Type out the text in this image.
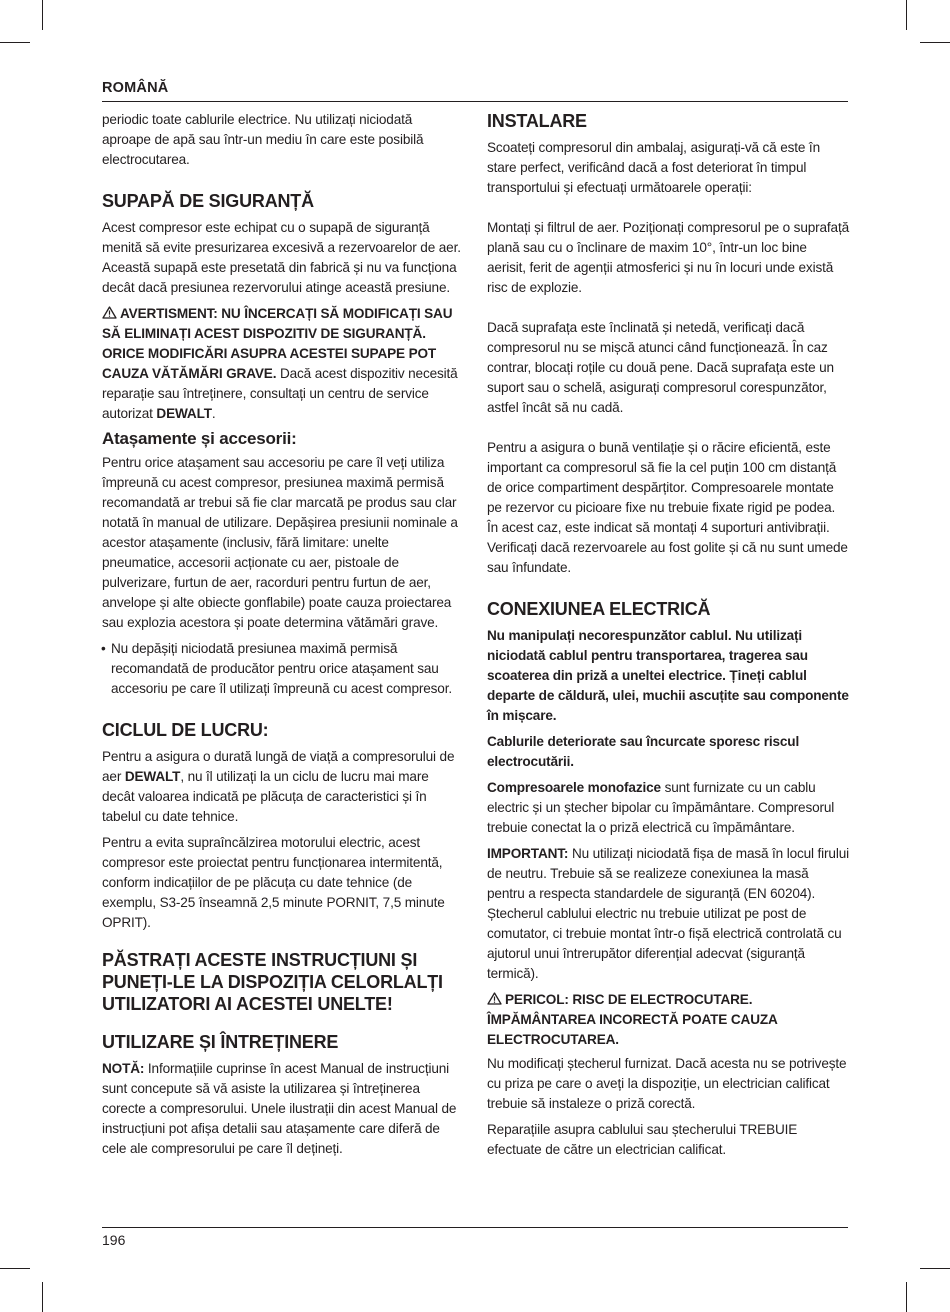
ROMÂNĂ

periodic toate cablurile electrice. Nu utilizați niciodată aproape de apă sau într-un mediu în care este posibilă electrocutarea.

SUPAPĂ DE SIGURANȚĂ

Acest compresor este echipat cu o supapă de siguranță menită să evite presurizarea excesivă a rezervoarelor de aer. Această supapă este presetată din fabrică și nu va funcționa decât dacă presiunea rezervorului atinge această presiune.

AVERTISMENT: NU ÎNCERCAȚI SĂ MODIFICAȚI SAU SĂ ELIMINAȚI ACEST DISPOZITIV DE SIGURANȚĂ. ORICE MODIFICĂRI ASUPRA ACESTEI SUPAPE POT CAUZA VĂTĂMĂRI GRAVE. Dacă acest dispozitiv necesită reparație sau întreținere, consultați un centru de service autorizat DEWALT.

Atașamente și accesorii:

Pentru orice atașament sau accesoriu pe care îl veți utiliza împreună cu acest compresor, presiunea maximă permisă recomandată ar trebui să fie clar marcată pe produs sau clar notată în manual de utilizare. Depășirea presiunii nominale a acestor atașamente (inclusiv, fără limitare: unelte pneumatice, accesorii acționate cu aer, pistoale de pulverizare, furtun de aer, racorduri pentru furtun de aer, anvelope și alte obiecte gonflabile) poate cauza proiectarea sau explozia acestora și poate determina vătămări grave.

• Nu depășiți niciodată presiunea maximă permisă recomandată de producător pentru orice atașament sau accesoriu pe care îl utilizați împreună cu acest compresor.
CICLUL DE LUCRU:

Pentru a asigura o durată lungă de viață a compresorului de aer DEWALT, nu îl utilizați la un ciclu de lucru mai mare decât valoarea indicată pe plăcuța de caracteristici și în tabelul cu date tehnice.

Pentru a evita supraîncălzirea motorului electric, acest compresor este proiectat pentru funcționarea intermitentă, conform indicațiilor de pe plăcuța cu date tehnice (de exemplu, S3-25 înseamnă 2,5 minute PORNIT, 7,5 minute OPRIT).

PĂSTRAȚI ACESTE INSTRUCȚIUNI ȘI PUNEȚI-LE LA DISPOZIȚIA CELORLALȚI UTILIZATORI AI ACESTEI UNELTE!
UTILIZARE ȘI ÎNTREȚINERE

NOTĂ: Informațiile cuprinse în acest Manual de instrucțiuni sunt concepute să vă asiste la utilizarea și întreținerea corecte a compresorului. Unele ilustrații din acest Manual de instrucțiuni pot afișa detalii sau atașamente care diferă de cele ale compresorului pe care îl dețineți.

INSTALARE

Scoateți compresorul din ambalaj, asigurați-vă că este în stare perfect, verificând dacă a fost deteriorat în timpul transportului și efectuați următoarele operații:

Montați și filtrul de aer. Poziționați compresorul pe o suprafață plană sau cu o înclinare de maxim 10°, într-un loc bine aerisit, ferit de agenții atmosferici și nu în locuri unde există risc de explozie.

Dacă suprafața este înclinată și netedă, verificați dacă compresorul nu se mișcă atunci când funcționează. În caz contrar, blocați roțile cu două pene. Dacă suprafața este un suport sau o schelă, asigurați compresorul corespunzător, astfel încât să nu cadă.

Pentru a asigura o bună ventilație și o răcire eficientă, este important ca compresorul să fie la cel puțin 100 cm distanță de orice compartiment despărțitor. Compresoarele montate pe rezervor cu picioare fixe nu trebuie fixate rigid pe podea. În acest caz, este indicat să montați 4 suporturi antivibrații. Verificați dacă rezervoarele au fost golite și că nu sunt umede sau înfundate.

CONEXIUNEA ELECTRICĂ

Nu manipulați necorespunzător cablul. Nu utilizați niciodată cablul pentru transportarea, tragerea sau scoaterea din priză a uneltei electrice. Țineți cablul departe de căldură, ulei, muchii ascuțite sau componente în mișcare.

Cablurile deteriorate sau încurcate sporesc riscul electrocutării.

Compresoarele monofazice sunt furnizate cu un cablu electric și un ștecher bipolar cu împământare. Compresorul trebuie conectat la o priză electrică cu împământare.

IMPORTANT: Nu utilizați niciodată fișa de masă în locul firului de neutru. Trebuie să se realizeze conexiunea la masă pentru a respecta standardele de siguranță (EN 60204). Ștecherul cablului electric nu trebuie utilizat pe post de comutator, ci trebuie montat într-o fișă electrică controlată cu ajutorul unui întrerupător diferențial adecvat (siguranță termică).

PERICOL: RISC DE ELECTROCUTARE. ÎMPĂMÂNTAREA INCORECTĂ POATE CAUZA ELECTROCUTAREA.

Nu modificați ștecherul furnizat. Dacă acesta nu se potrivește cu priza pe care o aveți la dispoziție, un electrician calificat trebuie să instaleze o priză corectă.

Reparațiile asupra cablului sau ștecherului TREBUIE efectuate de către un electrician calificat.

196
